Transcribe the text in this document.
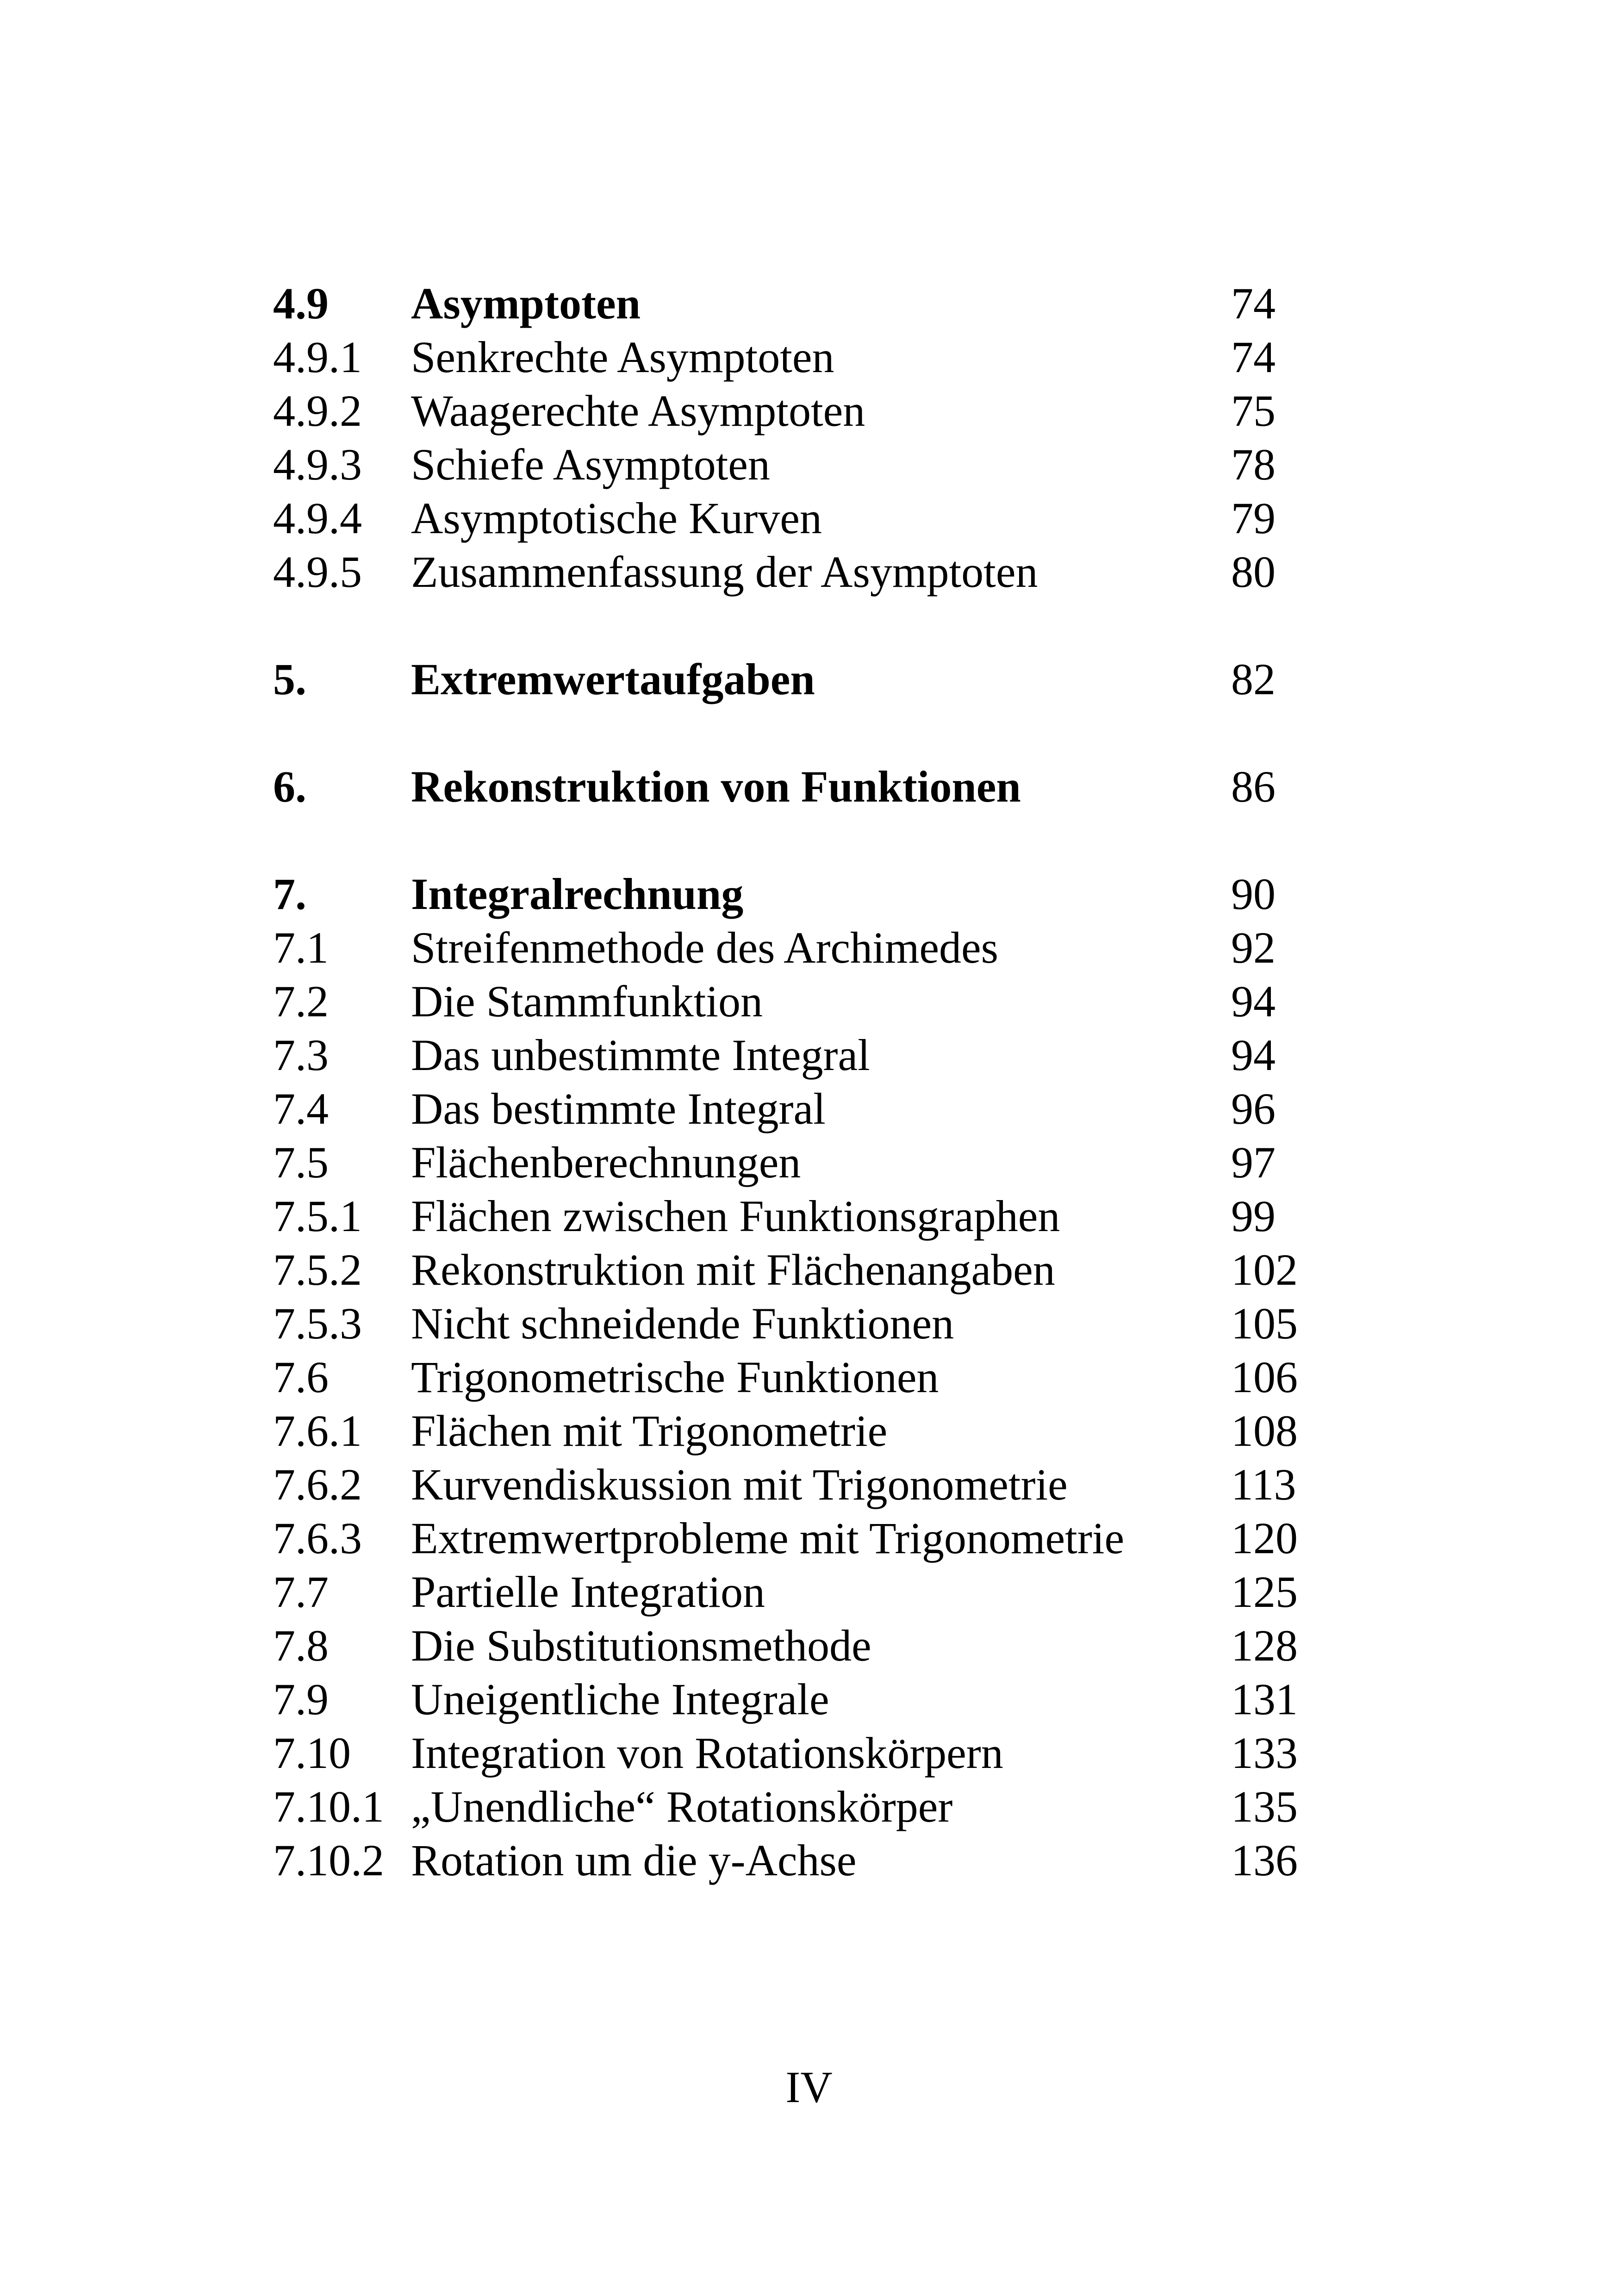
4.9 Asymptoten	74
4.9.1 Senkrechte Asymptoten	74
4.9.2 Waagerechte Asymptoten	75
4.9.3 Schiefe Asymptoten	78
4.9.4 Asymptotische Kurven	79
4.9.5 Zusammenfassung der Asymptoten	80
5. Extremwertaufgaben	82
6. Rekonstruktion von Funktionen	86
7. Integralrechnung	90
7.1 Streifenmethode des Archimedes	92
7.2 Die Stammfunktion	94
7.3 Das unbestimmte Integral	94
7.4 Das bestimmte Integral	96
7.5 Flächenberechnungen	97
7.5.1 Flächen zwischen Funktionsgraphen	99
7.5.2 Rekonstruktion mit Flächenangaben	102
7.5.3 Nicht schneidende Funktionen	105
7.6 Trigonometrische Funktionen	106
7.6.1 Flächen mit Trigonometrie	108
7.6.2 Kurvendiskussion mit Trigonometrie	113
7.6.3 Extremwertprobleme mit Trigonometrie 120
7.7 Partielle Integration	125
7.8 Die Substitutionsmethode	128
7.9 Uneigentliche Integrale	131
7.10 Integration von Rotationskörpern	133
7.10.1 „Unendliche“ Rotationskörper	135
7.10.2 Rotation um die y-Achse	136
IV
